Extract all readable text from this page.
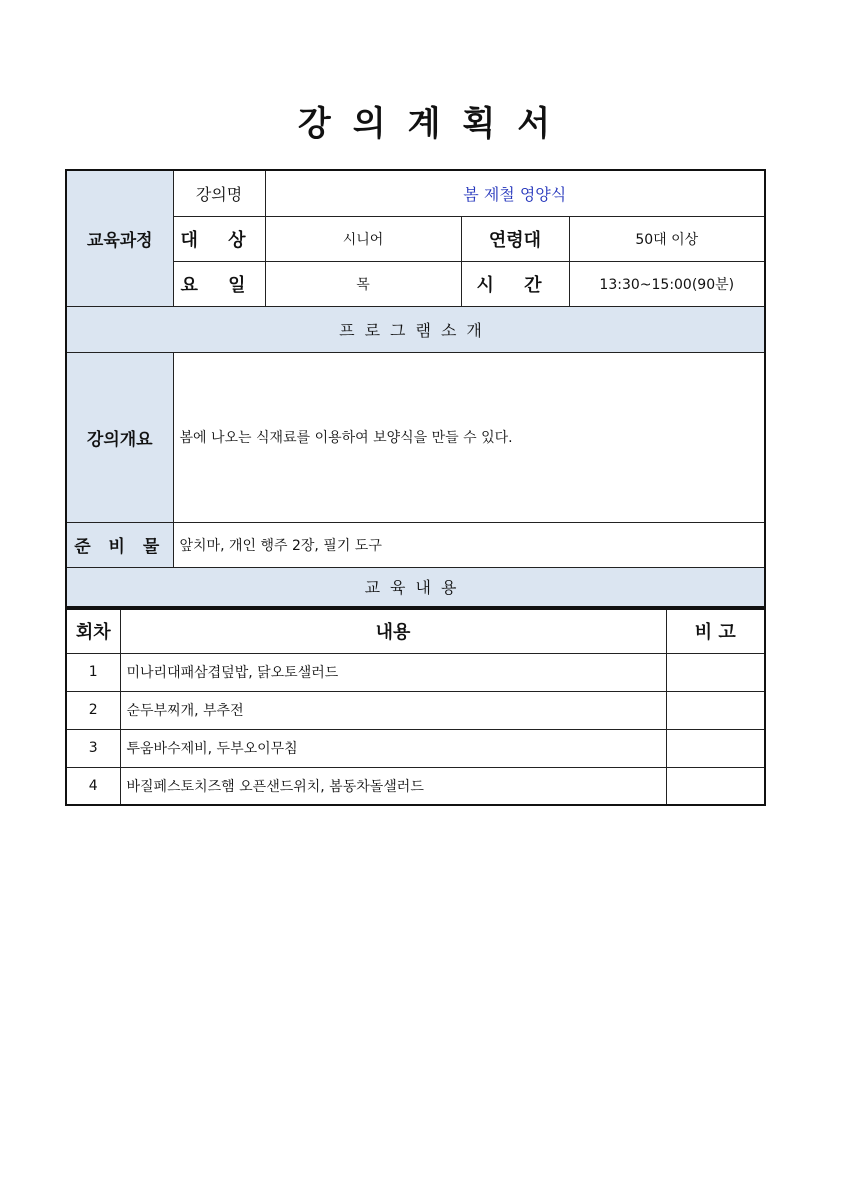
강의계획서
교육과정	강의명	봄 제철 영양식		
	대 상	시니어	연령대	50대 이상
	요 일	목	시 간	13:30~15:00(90분)
프로그램소개				
강의개요	봄에 나오는 식재료를 이용하여 보양식을 만들 수 있다.			
준 비 물	앞치마, 개인 행주 2장, 필기 도구			
교육내용				
회차	내용	비 고
1	미나리대패삼겹덮밥, 닭오토샐러드	
2	순두부찌개, 부추전	
3	투움바수제비, 두부오이무침	
4	바질페스토치즈햄 오픈샌드위치, 봄동차돌샐러드	
